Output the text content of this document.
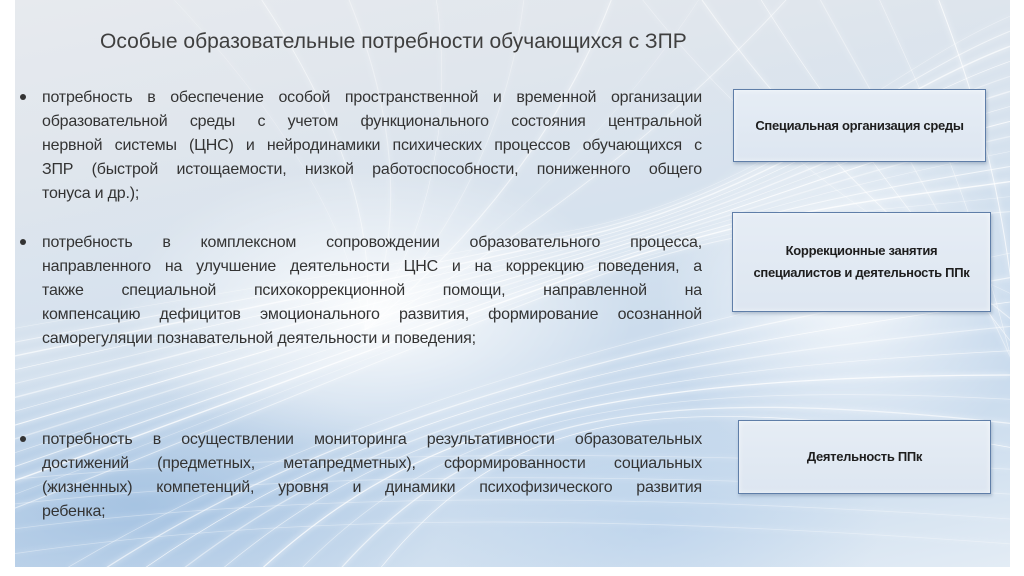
Особые образовательные потребности обучающихся с ЗПР
потребность в обеспечение особой пространственной и временной организации
образовательной среды с учетом функционального состояния центральной
нервной системы (ЦНС) и нейродинамики психических процессов обучающихся с
ЗПР (быстрой истощаемости, низкой работоспособности, пониженного общего
тонуса и др.);
потребность в комплексном сопровождении образовательного процесса,
направленного на улучшение деятельности ЦНС и на коррекцию поведения, а
также специальной психокоррекционной помощи, направленной на
компенсацию дефицитов эмоционального развития, формирование осознанной
саморегуляции познавательной деятельности и поведения;
потребность в осуществлении мониторинга результативности образовательных
достижений (предметных, метапредметных), сформированности социальных
(жизненных) компетенций, уровня и динамики психофизического развития
ребенка;
Специальная организация среды
Коррекционные занятия
специалистов и деятельность ППк
Деятельность ППк
